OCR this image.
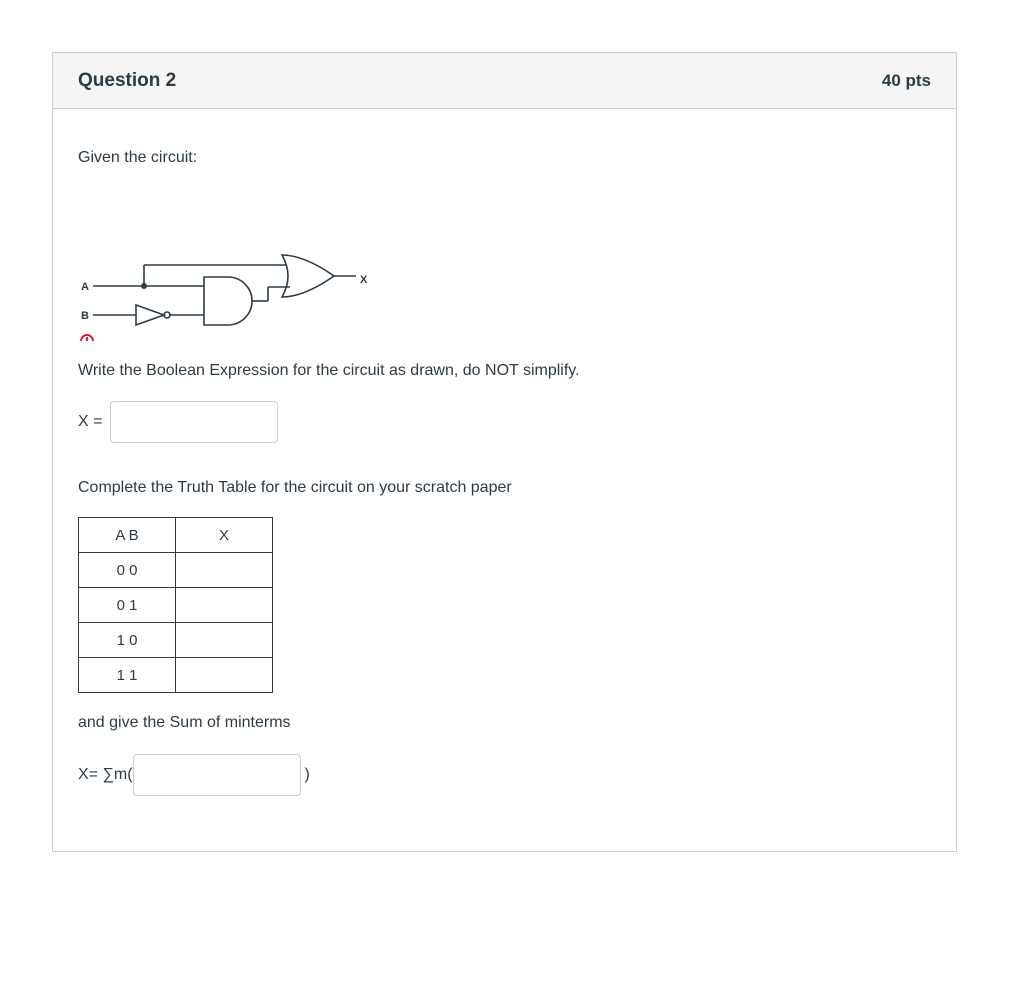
Question 2	40 pts
Given the circuit:
A
B
X
Write the Boolean Expression for the circuit as drawn, do NOT simplify.
X =
Complete the Truth Table for the circuit on your scratch paper
A B	X
0 0	
0 1	
1 0	
1 1	
and give the Sum of minterms
X= ∑m(	)
